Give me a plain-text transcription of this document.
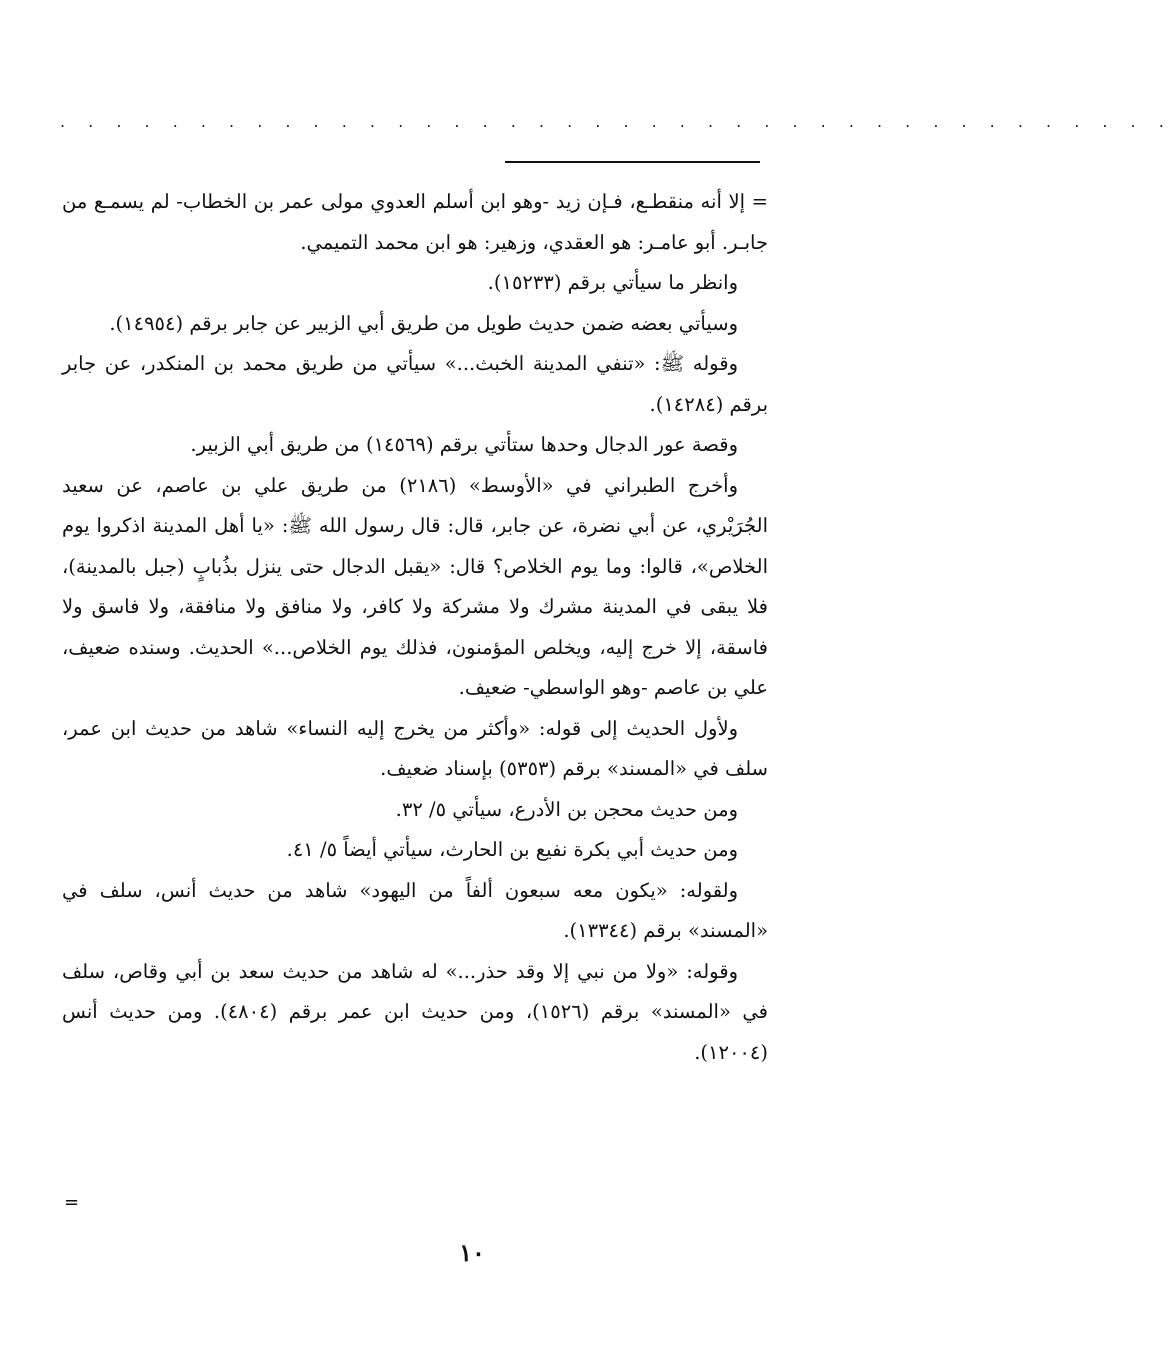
. . . . . . . . . . . . . . . . . . . . . . . . . . . . . . . . . . . . . . . .

= إلا أنه منقطـع، فـإن زيد -وهو ابن أسلم العدوي مولى عمر بن الخطاب- لم يسمـع من جابـر. أبو عامـر: هو العقدي، وزهير: هو ابن محمد التميمي.

وانظر ما سيأتي برقم (١٥٢٣٣).

وسيأتي بعضه ضمن حديث طويل من طريق أبي الزبير عن جابر برقم (١٤٩٥٤).

وقوله ﷺ: «تنفي المدينة الخبث...» سيأتي من طريق محمد بن المنكدر، عن جابر برقم (١٤٢٨٤).

وقصة عور الدجال وحدها ستأتي برقم (١٤٥٦٩) من طريق أبي الزبير.

وأخرج الطبراني في «الأوسط» (٢١٨٦) من طريق علي بن عاصم، عن سعيد الجُرَيْري، عن أبي نضرة، عن جابر، قال: قال رسول الله ﷺ: «يا أهل المدينة اذكروا يوم الخلاص»، قالوا: وما يوم الخلاص؟ قال: «يقبل الدجال حتى ينزل بذُبابٍ (جبل بالمدينة)، فلا يبقى في المدينة مشرك ولا مشركة ولا كافر، ولا منافق ولا منافقة، ولا فاسق ولا فاسقة، إلا خرج إليه، ويخلص المؤمنون، فذلك يوم الخلاص...» الحديث. وسنده ضعيف، علي بن عاصم -وهو الواسطي- ضعيف.

ولأول الحديث إلى قوله: «وأكثر من يخرج إليه النساء» شاهد من حديث ابن عمر، سلف في «المسند» برقم (٥٣٥٣) بإسناد ضعيف.

ومن حديث محجن بن الأدرع، سيأتي ٥/ ٣٢.

ومن حديث أبي بكرة نفيع بن الحارث، سيأتي أيضاً ٥/ ٤١.

ولقوله: «يكون معه سبعون ألفاً من اليهود» شاهد من حديث أنس، سلف في «المسند» برقم (١٣٣٤٤).

وقوله: «ولا من نبي إلا وقد حذر...» له شاهد من حديث سعد بن أبي وقاص، سلف في «المسند» برقم (١٥٢٦)، ومن حديث ابن عمر برقم (٤٨٠٤). ومن حديث أنس (١٢٠٠٤).

=
١٠
